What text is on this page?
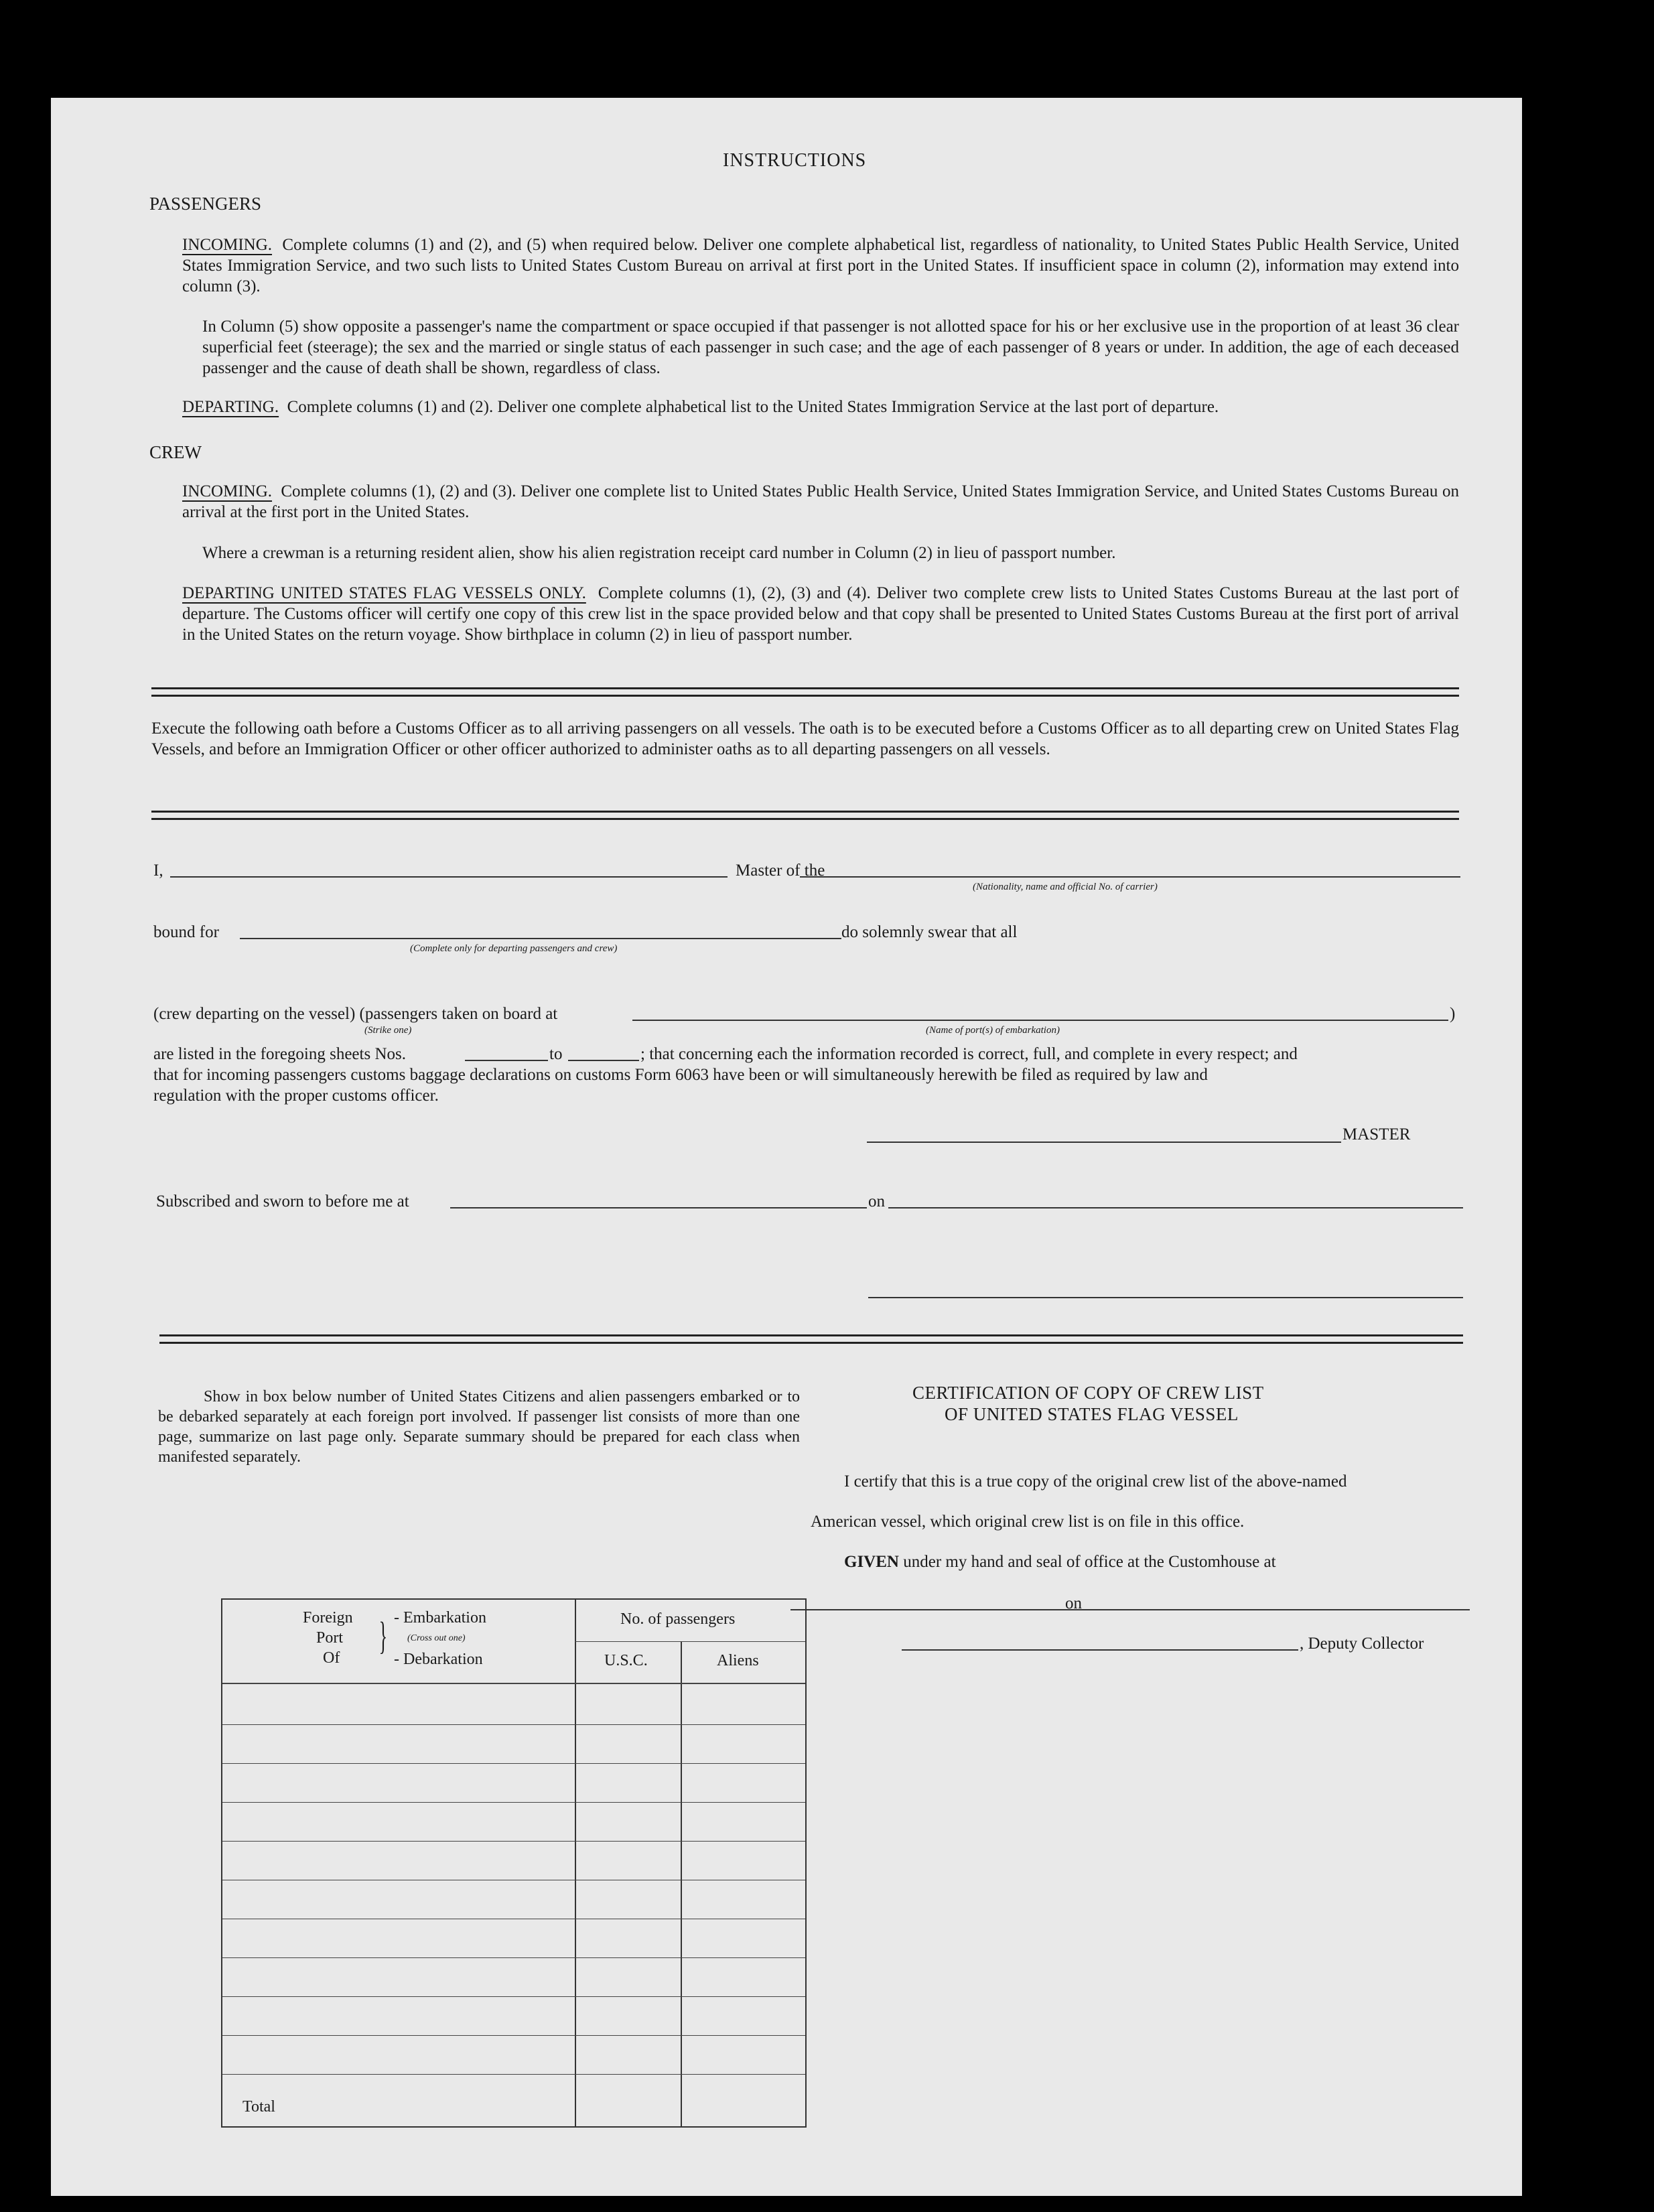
INSTRUCTIONS
PASSENGERS
INCOMING. Complete columns (1) and (2), and (5) when required below. Deliver one complete alphabetical list, regardless of nationality, to United States Public Health Service, United States Immigration Service, and two such lists to United States Custom Bureau on arrival at first port in the United States. If insufficient space in column (2), information may extend into column (3).
In Column (5) show opposite a passenger's name the compartment or space occupied if that passenger is not allotted space for his or her exclusive use in the proportion of at least 36 clear superficial feet (steerage); the sex and the married or single status of each passenger in such case; and the age of each passenger of 8 years or under. In addition, the age of each deceased passenger and the cause of death shall be shown, regardless of class.
DEPARTING. Complete columns (1) and (2). Deliver one complete alphabetical list to the United States Immigration Service at the last port of departure.
CREW
INCOMING. Complete columns (1), (2) and (3). Deliver one complete list to United States Public Health Service, United States Immigration Service, and United States Customs Bureau on arrival at the first port in the United States.
Where a crewman is a returning resident alien, show his alien registration receipt card number in Column (2) in lieu of passport number.
DEPARTING UNITED STATES FLAG VESSELS ONLY. Complete columns (1), (2), (3) and (4). Deliver two complete crew lists to United States Customs Bureau at the last port of departure. The Customs officer will certify one copy of this crew list in the space provided below and that copy shall be presented to United States Customs Bureau at the first port of arrival in the United States on the return voyage. Show birthplace in column (2) in lieu of passport number.
Execute the following oath before a Customs Officer as to all arriving passengers on all vessels. The oath is to be executed before a Customs Officer as to all departing crew on United States Flag Vessels, and before an Immigration Officer or other officer authorized to administer oaths as to all departing passengers on all vessels.
I,	Master of the
(Nationality, name and official No. of carrier)
bound for	do solemnly swear that all
(Complete only for departing passengers and crew)
(crew departing on the vessel) (passengers taken on board at	)
(Strike one)	(Name of port(s) of embarkation)
are listed in the foregoing sheets Nos.	to	; that concerning each the information recorded is correct, full, and complete in every respect; and
that for incoming passengers customs baggage declarations on customs Form 6063 have been or will simultaneously herewith be filed as required by law and
regulation with the proper customs officer.
MASTER
Subscribed and sworn to before me at	on
Show in box below number of United States Citizens and alien passengers embarked or to be debarked separately at each foreign port involved. If passenger list consists of more than one page, summarize on last page only. Separate summary should be prepared for each class when manifested separately.
CERTIFICATION OF COPY OF CREW LIST
OF UNITED STATES FLAG VESSEL
I certify that this is a true copy of the original crew list of the above-named
American vessel, which original crew list is on file in this office.
GIVEN under my hand and seal of office at the Customhouse at
on
, Deputy Collector
Foreign
Port
Of
} - Embarkation
(Cross out one)
- Debarkation
No. of passengers
U.S.C.	Aliens
Total
